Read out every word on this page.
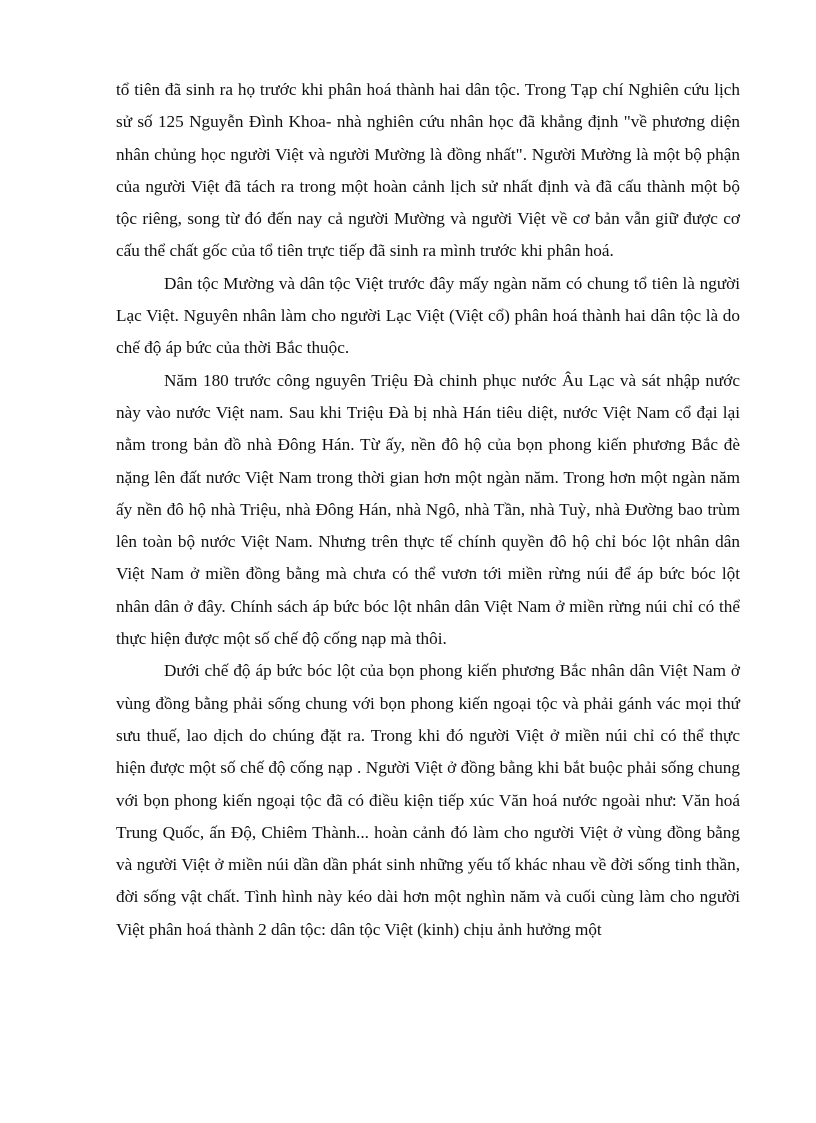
tổ tiên đã sinh ra họ trước khi phân hoá thành hai dân tộc. Trong Tạp chí Nghiên cứu lịch sử số 125 Nguyễn Đình Khoa- nhà nghiên cứu nhân học đã khẳng định "về phương diện nhân chủng học người Việt và người Mường là đồng nhất". Người Mường là một bộ phận của người Việt đã tách ra trong một hoàn cảnh lịch sử nhất định và đã cấu thành một bộ tộc riêng, song từ đó đến nay cả người Mường và người Việt về cơ bản vẫn giữ được cơ cấu thể chất gốc của tổ tiên trực tiếp đã sinh ra mình trước khi phân hoá.

Dân tộc Mường và dân tộc Việt trước đây mấy ngàn năm có chung tổ tiên là người Lạc Việt. Nguyên nhân làm cho người Lạc Việt (Việt cổ) phân hoá thành hai dân tộc là do chế độ áp bức của thời Bắc thuộc.

Năm 180 trước công nguyên Triệu Đà chinh phục nước Âu Lạc và sát nhập nước này vào nước Việt nam. Sau khi Triệu Đà bị nhà Hán tiêu diệt, nước Việt Nam cổ đại lại nằm trong bản đồ nhà Đông Hán. Từ ấy, nền đô hộ của bọn phong kiến phương Bắc đè nặng lên đất nước Việt Nam trong thời gian hơn một ngàn năm. Trong hơn một ngàn năm ấy nền đô hộ nhà Triệu, nhà Đông Hán, nhà Ngô, nhà Tần, nhà Tuỳ, nhà Đường bao trùm lên toàn bộ nước Việt Nam. Nhưng trên thực tế chính quyền đô hộ chỉ bóc lột nhân dân Việt Nam ở miền đồng bằng mà chưa có thể vươn tới miền rừng núi để áp bức bóc lột nhân dân ở đây. Chính sách áp bức bóc lột nhân dân Việt Nam ở miền rừng núi chỉ có thể thực hiện được một số chế độ cống nạp mà thôi.

Dưới chế độ áp bức bóc lột của bọn phong kiến phương Bắc nhân dân Việt Nam ở vùng đồng bằng phải sống chung với bọn phong kiến ngoại tộc và phải gánh vác mọi thứ sưu thuế, lao dịch do chúng đặt ra. Trong khi đó người Việt ở miền núi chỉ có thể thực hiện được một số chế độ cống nạp . Người Việt ở đồng bằng khi bắt buộc phải sống chung với bọn phong kiến ngoại tộc đã có điều kiện tiếp xúc Văn hoá nước ngoài như: Văn hoá Trung Quốc, ấn Độ, Chiêm Thành... hoàn cảnh đó làm cho người Việt ở vùng đồng bằng và người Việt ở miền núi dần dần phát sinh những yếu tố khác nhau về đời sống tinh thần, đời sống vật chất. Tình hình này kéo dài hơn một nghìn năm và cuối cùng làm cho người Việt phân hoá thành 2 dân tộc: dân tộc Việt (kinh) chịu ảnh hưởng một
